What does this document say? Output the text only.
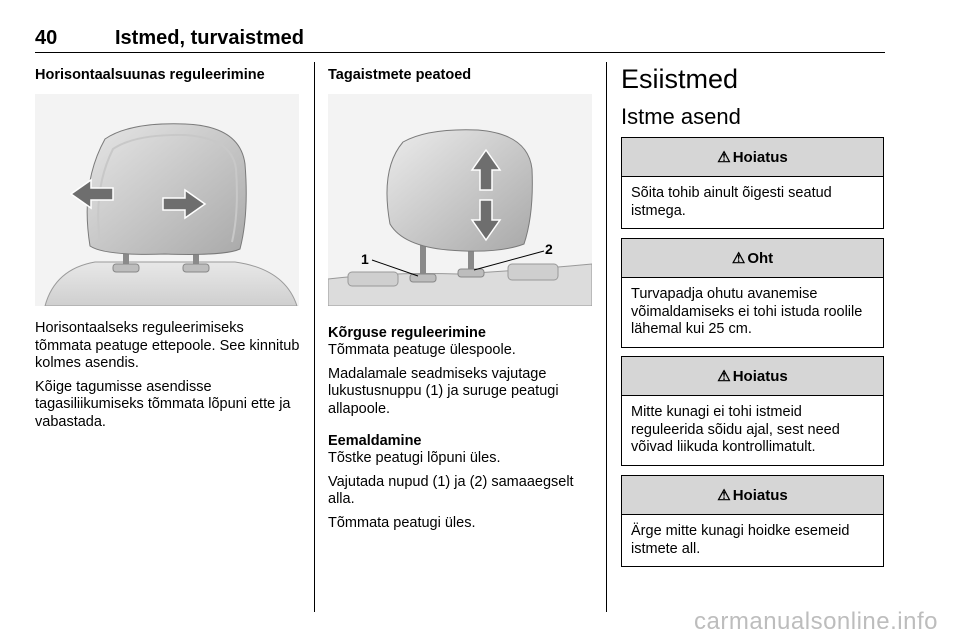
40	Istmed, turvaistmed
Horisontaalsuunas reguleerimine

Horisontaalseks reguleerimiseks tõmmata peatuge ettepoole. See kinnitub kolmes asendis.

Kõige tagumisse asendisse tagasiliikumiseks tõmmata lõpuni ette ja vabastada.

Tagaistmete peatoed
1
2
Kõrguse reguleerimine

Tõmmata peatuge ülespoole.

Madalamale seadmiseks vajutage lukustusnuppu (1) ja suruge peatugi allapoole.

Eemaldamine

Tõstke peatugi lõpuni üles.

Vajutada nupud (1) ja (2) samaaegselt alla.

Tõmmata peatugi üles.

Esiistmed
Istme asend
⚠ Hoiatus
Sõita tohib ainult õigesti seatud istmega.
⚠ Oht
Turvapadja ohutu avanemise võimaldamiseks ei tohi istuda roolile lähemal kui 25 cm.
⚠ Hoiatus
Mitte kunagi ei tohi istmeid reguleerida sõidu ajal, sest need võivad liikuda kontrollimatult.
⚠ Hoiatus
Ärge mitte kunagi hoidke esemeid istmete all.
carmanualsonline.info
